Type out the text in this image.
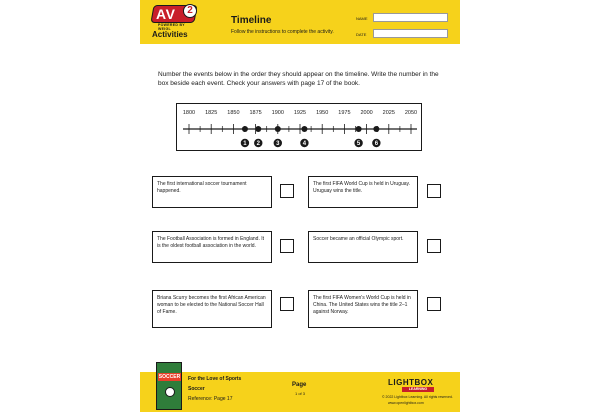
AV	2
POWERED BY WEIGL
Activities
Timeline
Follow the instructions to complete the activity.
NAME
DATE

Number the events below in the order they should appear on the timeline. Write the number in the box beside each event. Check your answers with page 17 of the book.

1800 1825 1850 1875 1900 1925 1950 1975 2000 2025 2050
1 2	3	4	5 6
The first international soccer tournament happened.
The first FIFA World Cup is held in Uruguay. Uruguay wins the title.
The Football Association is formed in England. It is the oldest football association in the world.
Soccer became an official Olympic sport.
Briana Scurry becomes the first African American woman to be elected to the National Soccer Hall of Fame.
The first FIFA Women's World Cup is held in China. The United States wins the title 2–1 against Norway.
SOCCER For the Love of Sports
Soccer
Reference: Page 17
Page
1 of 3
LIGHTBOX
LEARNING
© 2022 Lightbox Learning. All rights reserved.
www.openlightbox.com
